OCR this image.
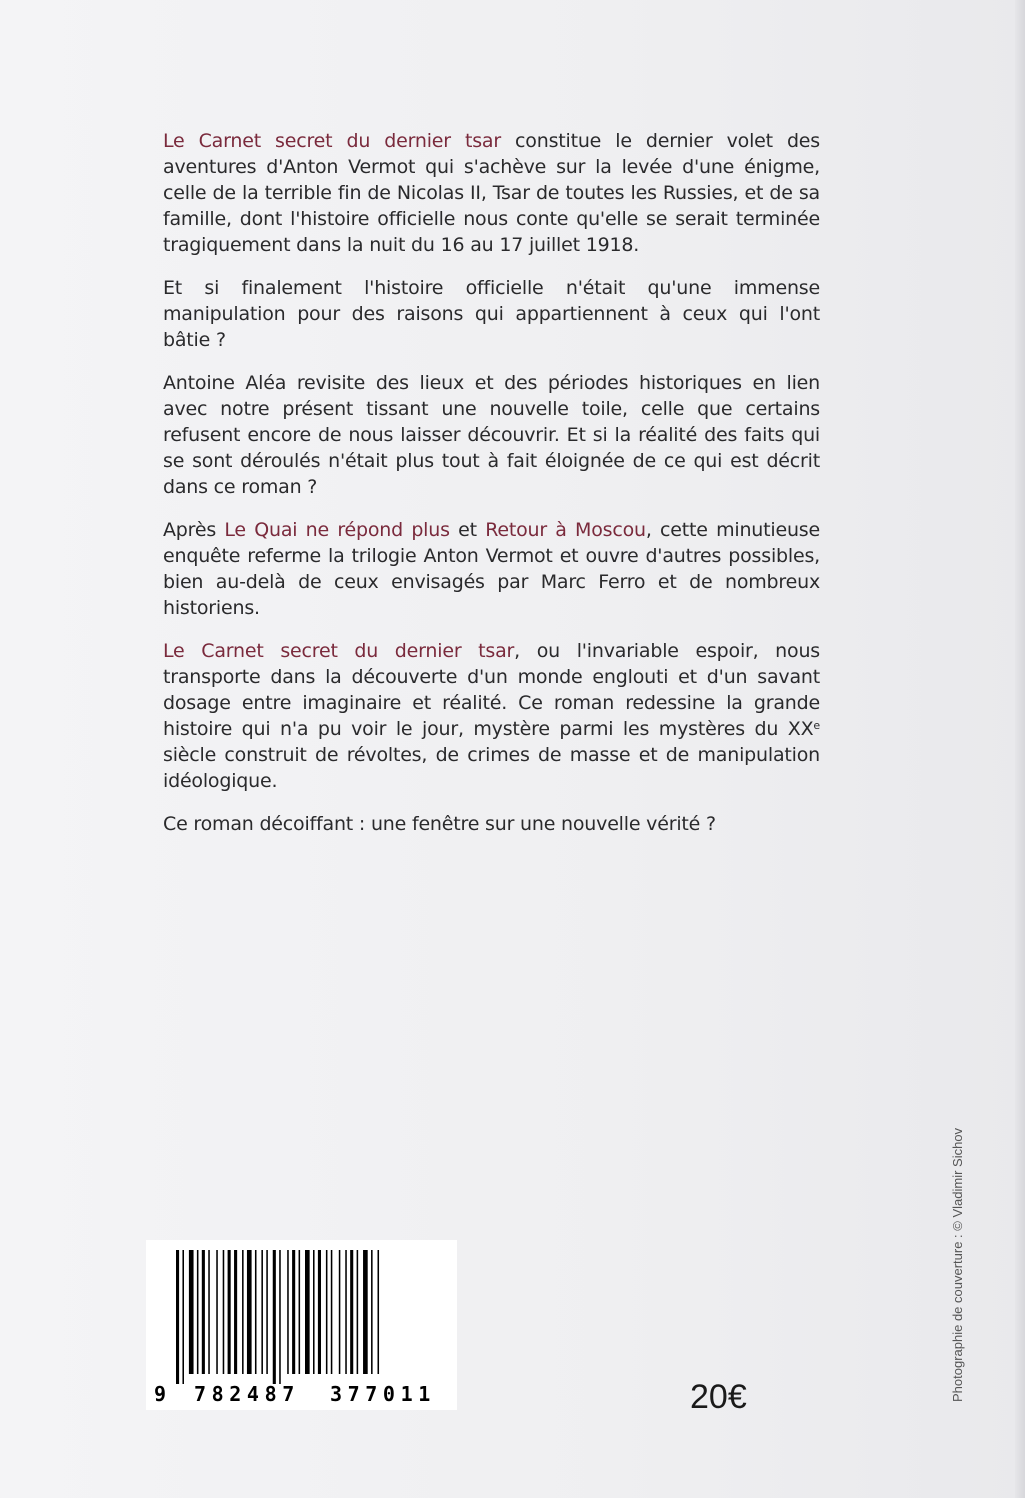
Le Carnet secret du dernier tsar constitue le dernier volet des aventures d'Anton Vermot qui s'achève sur la levée d'une énigme, celle de la terrible fin de Nicolas II, Tsar de toutes les Russies, et de sa famille, dont l'histoire officielle nous conte qu'elle se serait terminée tragiquement dans la nuit du 16 au 17 juillet 1918.

Et si finalement l'histoire officielle n'était qu'une immense manipulation pour des raisons qui appartiennent à ceux qui l'ont bâtie ?

Antoine Aléa revisite des lieux et des périodes historiques en lien avec notre présent tissant une nouvelle toile, celle que certains refusent encore de nous laisser découvrir. Et si la réalité des faits qui se sont déroulés n'était plus tout à fait éloignée de ce qui est décrit dans ce roman ?

Après Le Quai ne répond plus et Retour à Moscou, cette minutieuse enquête referme la trilogie Anton Vermot et ouvre d'autres possibles, bien au-delà de ceux envisagés par Marc Ferro et de nombreux historiens.

Le Carnet secret du dernier tsar, ou l'invariable espoir, nous transporte dans la découverte d'un monde englouti et d'un savant dosage entre imaginaire et réalité. Ce roman redessine la grande histoire qui n'a pu voir le jour, mystère parmi les mystères du XXe siècle construit de révoltes, de crimes de masse et de manipulation idéologique.

Ce roman décoiffant : une fenêtre sur une nouvelle vérité ?

9 782487 377011	20€	Photographie de couverture : © Vladimir Sichov
